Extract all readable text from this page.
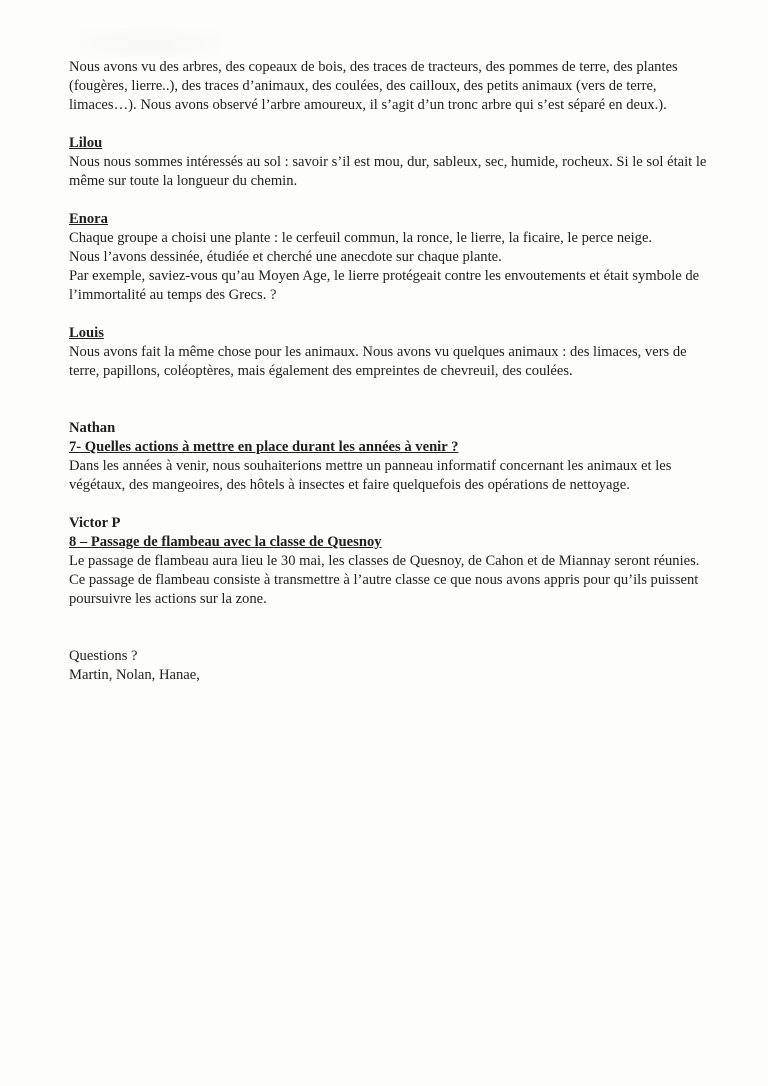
Nous avons vu des arbres, des copeaux de bois, des traces de tracteurs, des pommes de terre, des plantes (fougères, lierre..), des traces d’animaux, des coulées, des cailloux, des petits animaux (vers de terre, limaces…). Nous avons observé l’arbre amoureux, il s’agit d’un tronc arbre qui s’est séparé en deux.).

Lilou

Nous nous sommes intéressés au sol : savoir s’il est mou, dur, sableux, sec, humide, rocheux. Si le sol était le même sur toute la longueur du chemin.

Enora

Chaque groupe a choisi une plante : le cerfeuil commun, la ronce, le lierre, la ficaire, le perce neige.

Nous l’avons dessinée, étudiée et cherché une anecdote sur chaque plante.

Par exemple, saviez-vous qu’au Moyen Age, le lierre protégeait contre les envoutements et était symbole de l’immortalité au temps des Grecs. ?

Louis

Nous avons fait la même chose pour les animaux. Nous avons vu quelques animaux : des limaces, vers de terre, papillons, coléoptères, mais également des empreintes de chevreuil, des coulées.

Nathan

7- Quelles actions à mettre en place durant les années à venir ?

Dans les années à venir, nous souhaiterions mettre un panneau informatif concernant les animaux et les végétaux, des mangeoires, des hôtels à insectes et faire quelquefois des opérations de nettoyage.

Victor P

8 – Passage de flambeau avec la classe de Quesnoy

Le passage de flambeau aura lieu le 30 mai, les classes de Quesnoy, de Cahon et de Miannay seront réunies.

Ce passage de flambeau consiste à transmettre à l’autre classe ce que nous avons appris pour qu’ils puissent poursuivre les actions sur la zone.

Questions ?

Martin, Nolan, Hanae,
